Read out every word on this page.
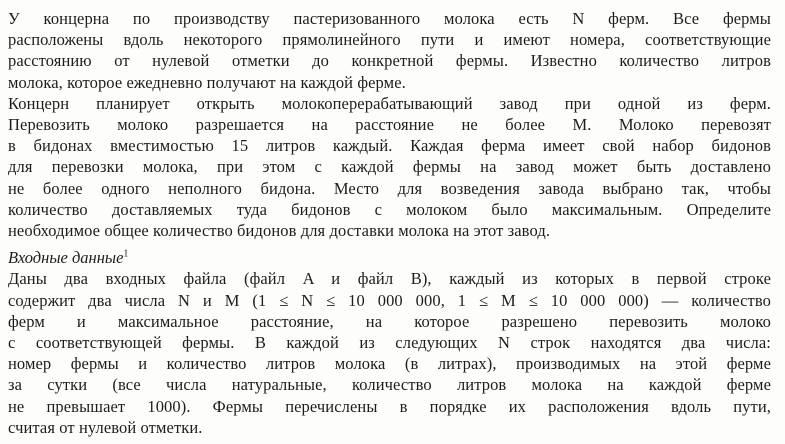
У концерна по производству пастеризованного молока есть N ферм. Все фермы
расположены вдоль некоторого прямолинейного пути и имеют номера, соответствующие
расстоянию от нулевой отметки до конкретной фермы. Известно количество литров
молока, которое ежедневно получают на каждой ферме.
Концерн планирует открыть молокоперерабатывающий завод при одной из ферм.
Перевозить молоко разрешается на расстояние не более M. Молоко перевозят
в бидонах вместимостью 15 литров каждый. Каждая ферма имеет свой набор бидонов
для перевозки молока, при этом с каждой фермы на завод может быть доставлено
не более одного неполного бидона. Место для возведения завода выбрано так, чтобы
количество доставляемых туда бидонов с молоком было максимальным. Определите
необходимое общее количество бидонов для доставки молока на этот завод.
Входные данные$^1$
Даны два входных файла (файл A и файл B), каждый из которых в первой строке
содержит два числа N и M (1 ≤ N ≤ 10 000 000, 1 ≤ M ≤ 10 000 000) — количество
ферм и максимальное расстояние, на которое разрешено перевозить молоко
с соответствующей фермы. В каждой из следующих N строк находятся два числа:
номер фермы и количество литров молока (в литрах), производимых на этой ферме
за сутки (все числа натуральные, количество литров молока на каждой ферме
не превышает 1000). Фермы перечислены в порядке их расположения вдоль пути,
считая от нулевой отметки.
